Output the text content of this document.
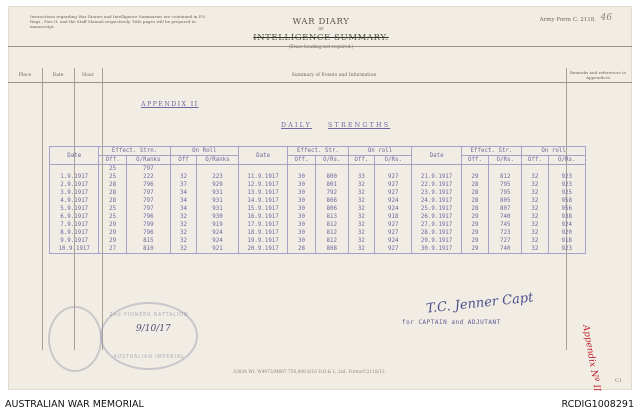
Instructions regarding War Diaries and Intelligence Summaries are contained in F.S. Regs., Part II. and the Staff Manual respectively. Title pages will be prepared in manuscript.	WAR DIARY
or
INTELLIGENCE SUMMARY.
(Erase heading not required.)
Army Form C. 2118. 46
Place	Date	Hour	Summary of Events and Information	Remarks and references to Appendices
APPENDIX II
DAILY	STRENGTHS
Date	Effect. Strn.		On Roll		Date	Effect. Str.		On roll		Date	Effect. Str.		On roll	
	Off.	O/Ranks	Off	O/Ranks		Off.	O/Rs.	Off.	O/Rs.		Off.	O/Rs.	Off.	O/Rs.
	25	797												
1.9.1917	25	222	32	223	11.9.1917	30	800	33	927	21.9.1917	29	812	32	923
2.9.1917	28	796	37	929	12.9.1917	30	801	32	927	22.9.1917	28	795	32	923
3.9.1917	28	797	34	931	13.9.1917	30	792	32	927	23.9.1917	28	795	32	925
4.9.1917	28	797	34	931	14.9.1917	30	806	32	924	24.9.1917	28	805	32	958
5.9.1917	25	797	34	931	15.9.1917	30	806	32	924	25.9.1917	28	807	32	956
6.9.1917	25	796	32	930	16.9.1917	30	813	32	918	26.9.1917	29	740	32	938
7.9.1917	29	799	32	919	17.9.1917	30	812	32	927	27.9.1917	29	745	32	924
8.9.1917	29	796	32	924	18.9.1917	30	812	32	927	28.9.1917	29	723	32	920
9.9.1917	29	815	32	924	19.9.1917	30	812	32	924	29.9.1917	29	727	32	918
10.9.1917	27	810	32	921	20.9.1917	28	808	32	927	30.9.1917	29	740	32	923
T.C. Jenner Capt
for CAPTAIN and ADJUTANT
2nd PIONEER BATTALION
AUSTRALIAN IMPERIAL
9/10/17
A3834 Wt. W4973/M687 750,000 8/16 D.D.& L. Ltd. Forms/C2118/12.	Appendix Nº II	C1
AUSTRALIAN WAR MEMORIAL	RCDIG1008291
